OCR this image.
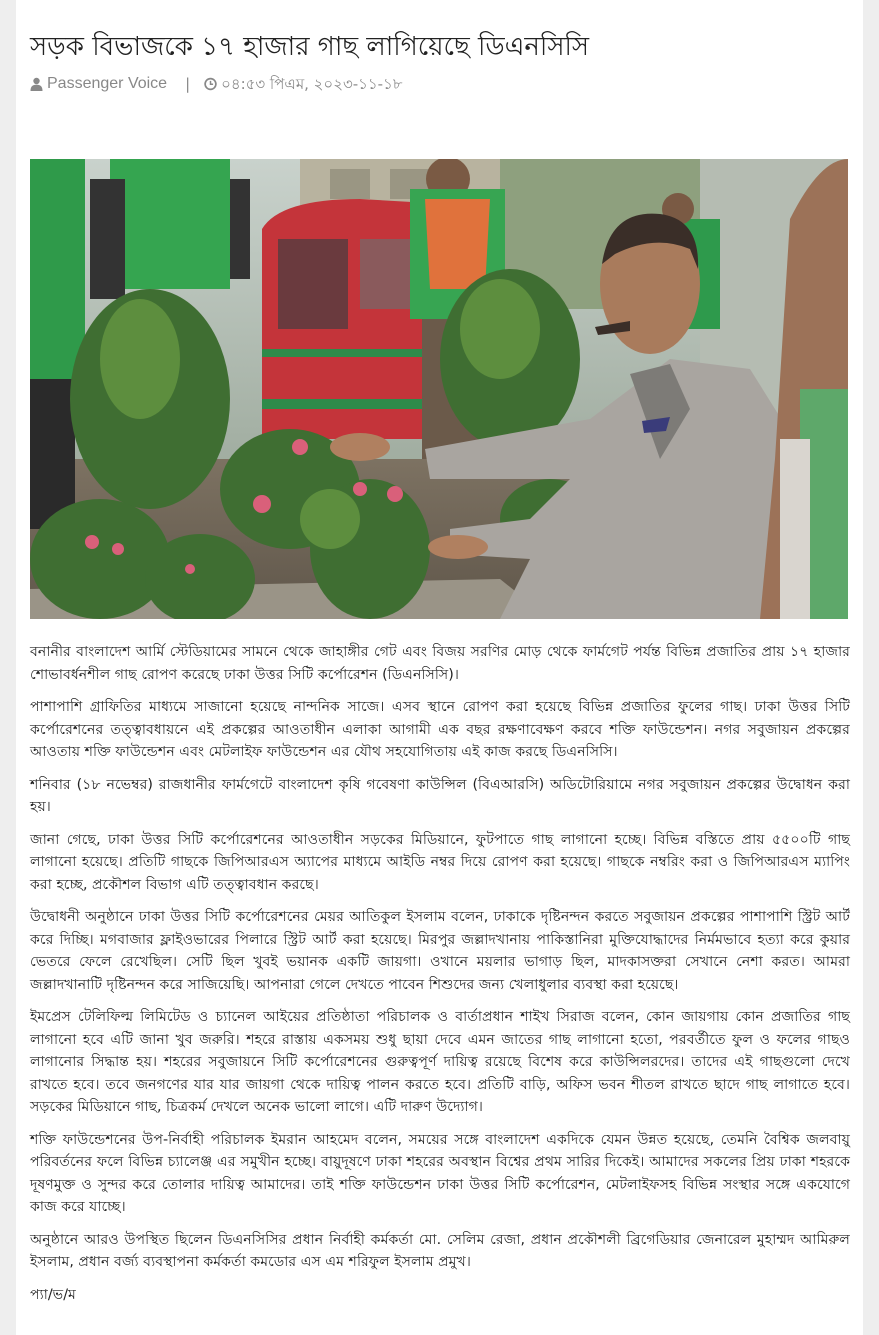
সড়ক বিভাজকে ১৭ হাজার গাছ লাগিয়েছে ডিএনসিসি
Passenger Voice | ০৪:৫৩ পিএম, ২০২৩-১১-১৮

বনানীর বাংলাদেশ আর্মি স্টেডিয়ামের সামনে থেকে জাহাঙ্গীর গেট এবং বিজয় সরণির মোড় থেকে ফার্মগেট পর্যন্ত বিভিন্ন প্রজাতির প্রায় ১৭ হাজার শোভাবর্ধনশীল গাছ রোপণ করেছে ঢাকা উত্তর সিটি কর্পোরেশন (ডিএনসিসি)।

পাশাপাশি গ্রাফিতির মাধ্যমে সাজানো হয়েছে নান্দনিক সাজে। এসব স্থানে রোপণ করা হয়েছে বিভিন্ন প্রজাতির ফুলের গাছ। ঢাকা উত্তর সিটি কর্পোরেশনের তত্ত্বাবধায়নে এই প্রকল্পের আওতাধীন এলাকা আগামী এক বছর রক্ষণাবেক্ষণ করবে শক্তি ফাউন্ডেশন। নগর সবুজায়ন প্রকল্পের আওতায় শক্তি ফাউন্ডেশন এবং মেটলাইফ ফাউন্ডেশন এর যৌথ সহযোগিতায় এই কাজ করছে ডিএনসিসি।

শনিবার (১৮ নভেম্বর) রাজধানীর ফার্মগেটে বাংলাদেশ কৃষি গবেষণা কাউন্সিল (বিএআরসি) অডিটোরিয়ামে নগর সবুজায়ন প্রকল্পের উদ্বোধন করা হয়।

জানা গেছে, ঢাকা উত্তর সিটি কর্পোরেশনের আওতাধীন সড়কের মিডিয়ানে, ফুটপাতে গাছ লাগানো হচ্ছে। বিভিন্ন বস্তিতে প্রায় ৫৫০০টি গাছ লাগানো হয়েছে। প্রতিটি গাছকে জিপিআরএস অ্যাপের মাধ্যমে আইডি নম্বর দিয়ে রোপণ করা হয়েছে। গাছকে নম্বরিং করা ও জিপিআরএস ম্যাপিং করা হচ্ছে, প্রকৌশল বিভাগ এটি তত্ত্বাবধান করছে।

উদ্বোধনী অনুষ্ঠানে ঢাকা উত্তর সিটি কর্পোরেশনের মেয়র আতিকুল ইসলাম বলেন, ঢাকাকে দৃষ্টিনন্দন করতে সবুজায়ন প্রকল্পের পাশাপাশি স্ট্রিট আর্ট করে দিচ্ছি। মগবাজার ফ্লাইওভারের পিলারে স্ট্রিট আর্ট করা হয়েছে। মিরপুর জল্লাদখানায় পাকিস্তানিরা মুক্তিযোদ্ধাদের নির্মমভাবে হত্যা করে কুয়ার ভেতরে ফেলে রেখেছিল। সেটি ছিল খুবই ভয়ানক একটি জায়গা। ওখানে ময়লার ভাগাড় ছিল, মাদকাসক্তরা সেখানে নেশা করত। আমরা জল্লাদখানাটি দৃষ্টিনন্দন করে সাজিয়েছি। আপনারা গেলে দেখতে পাবেন শিশুদের জন্য খেলাধুলার ব্যবস্থা করা হয়েছে।

ইমপ্রেস টেলিফিল্ম লিমিটেড ও চ্যানেল আইয়ের প্রতিষ্ঠাতা পরিচালক ও বার্তাপ্রধান শাইখ সিরাজ বলেন, কোন জায়গায় কোন প্রজাতির গাছ লাগানো হবে এটি জানা খুব জরুরি। শহরে রাস্তায় একসময় শুধু ছায়া দেবে এমন জাতের গাছ লাগানো হতো, পরবর্তীতে ফুল ও ফলের গাছও লাগানোর সিদ্ধান্ত হয়। শহরের সবুজায়নে সিটি কর্পোরেশনের গুরুত্বপূর্ণ দায়িত্ব রয়েছে বিশেষ করে কাউন্সিলরদের। তাদের এই গাছগুলো দেখে রাখতে হবে। তবে জনগণের যার যার জায়গা থেকে দায়িত্ব পালন করতে হবে। প্রতিটি বাড়ি, অফিস ভবন শীতল রাখতে ছাদে গাছ লাগাতে হবে। সড়কের মিডিয়ানে গাছ, চিত্রকর্ম দেখলে অনেক ভালো লাগে। এটি দারুণ উদ্যোগ।

শক্তি ফাউন্ডেশনের উপ-নির্বাহী পরিচালক ইমরান আহমেদ বলেন, সময়ের সঙ্গে বাংলাদেশ একদিকে যেমন উন্নত হয়েছে, তেমনি বৈশ্বিক জলবায়ু পরিবর্তনের ফলে বিভিন্ন চ্যালেঞ্জ এর সমুখীন হচ্ছে। বায়ুদূষণে ঢাকা শহরের অবস্থান বিশ্বের প্রথম সারির দিকেই। আমাদের সকলের প্রিয় ঢাকা শহরকে দূষণমুক্ত ও সুন্দর করে তোলার দায়িত্ব আমাদের। তাই শক্তি ফাউন্ডেশন ঢাকা উত্তর সিটি কর্পোরেশন, মেটলাইফসহ বিভিন্ন সংস্থার সঙ্গে একযোগে কাজ করে যাচ্ছে।

অনুষ্ঠানে আরও উপস্থিত ছিলেন ডিএনসিসির প্রধান নির্বাহী কর্মকর্তা মো. সেলিম রেজা, প্রধান প্রকৌশলী ব্রিগেডিয়ার জেনারেল মুহাম্মদ আমিরুল ইসলাম, প্রধান বর্জ্য ব্যবস্থাপনা কর্মকর্তা কমডোর এস এম শরিফুল ইসলাম প্রমুখ।

প্যা/ভ/ম
